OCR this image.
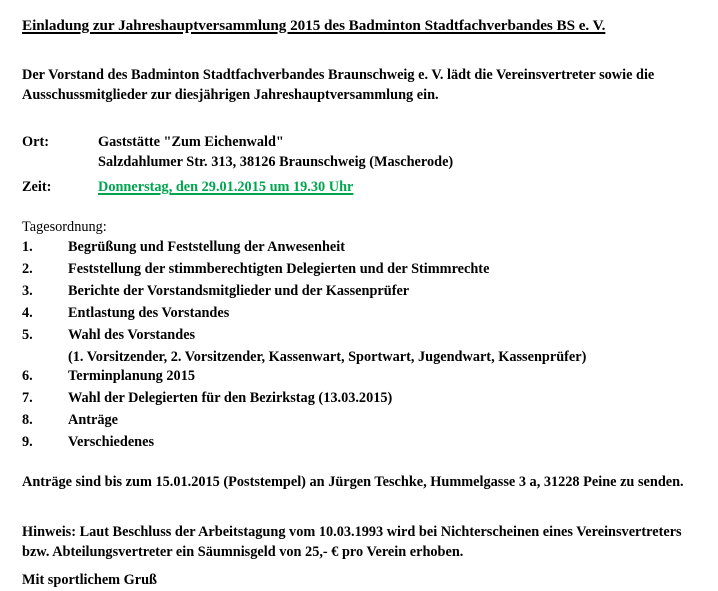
Einladung zur Jahreshauptversammlung 2015 des Badminton Stadtfachverbandes BS e. V.

Der Vorstand des Badminton Stadtfachverbandes Braunschweig e. V. lädt die Vereinsvertreter sowie die Ausschussmitglieder zur diesjährigen Jahreshauptversammlung ein.

Ort:	Gaststätte "Zum Eichenwald"
Salzdahlumer Str. 313, 38126 Braunschweig (Mascherode)
Zeit:	Donnerstag, den 29.01.2015 um 19.30 Uhr
Tagesordnung:
1. Begrüßung und Feststellung der Anwesenheit
2. Feststellung der stimmberechtigten Delegierten und der Stimmrechte
3. Berichte der Vorstandsmitglieder und der Kassenprüfer
4. Entlastung des Vorstandes
5. Wahl des Vorstandes
(1. Vorsitzender, 2. Vorsitzender, Kassenwart, Sportwart, Jugendwart, Kassenprüfer)
6. Terminplanung 2015
7. Wahl der Delegierten für den Bezirkstag (13.03.2015)
8. Anträge
9. Verschiedenes

Anträge sind bis zum 15.01.2015 (Poststempel) an Jürgen Teschke, Hummelgasse 3 a, 31228 Peine zu senden.

Hinweis: Laut Beschluss der Arbeitstagung vom 10.03.1993 wird bei Nichterscheinen eines Vereinsvertreters bzw. Abteilungsvertreter ein Säumnisgeld von 25,- € pro Verein erhoben.

Mit sportlichem Gruß
